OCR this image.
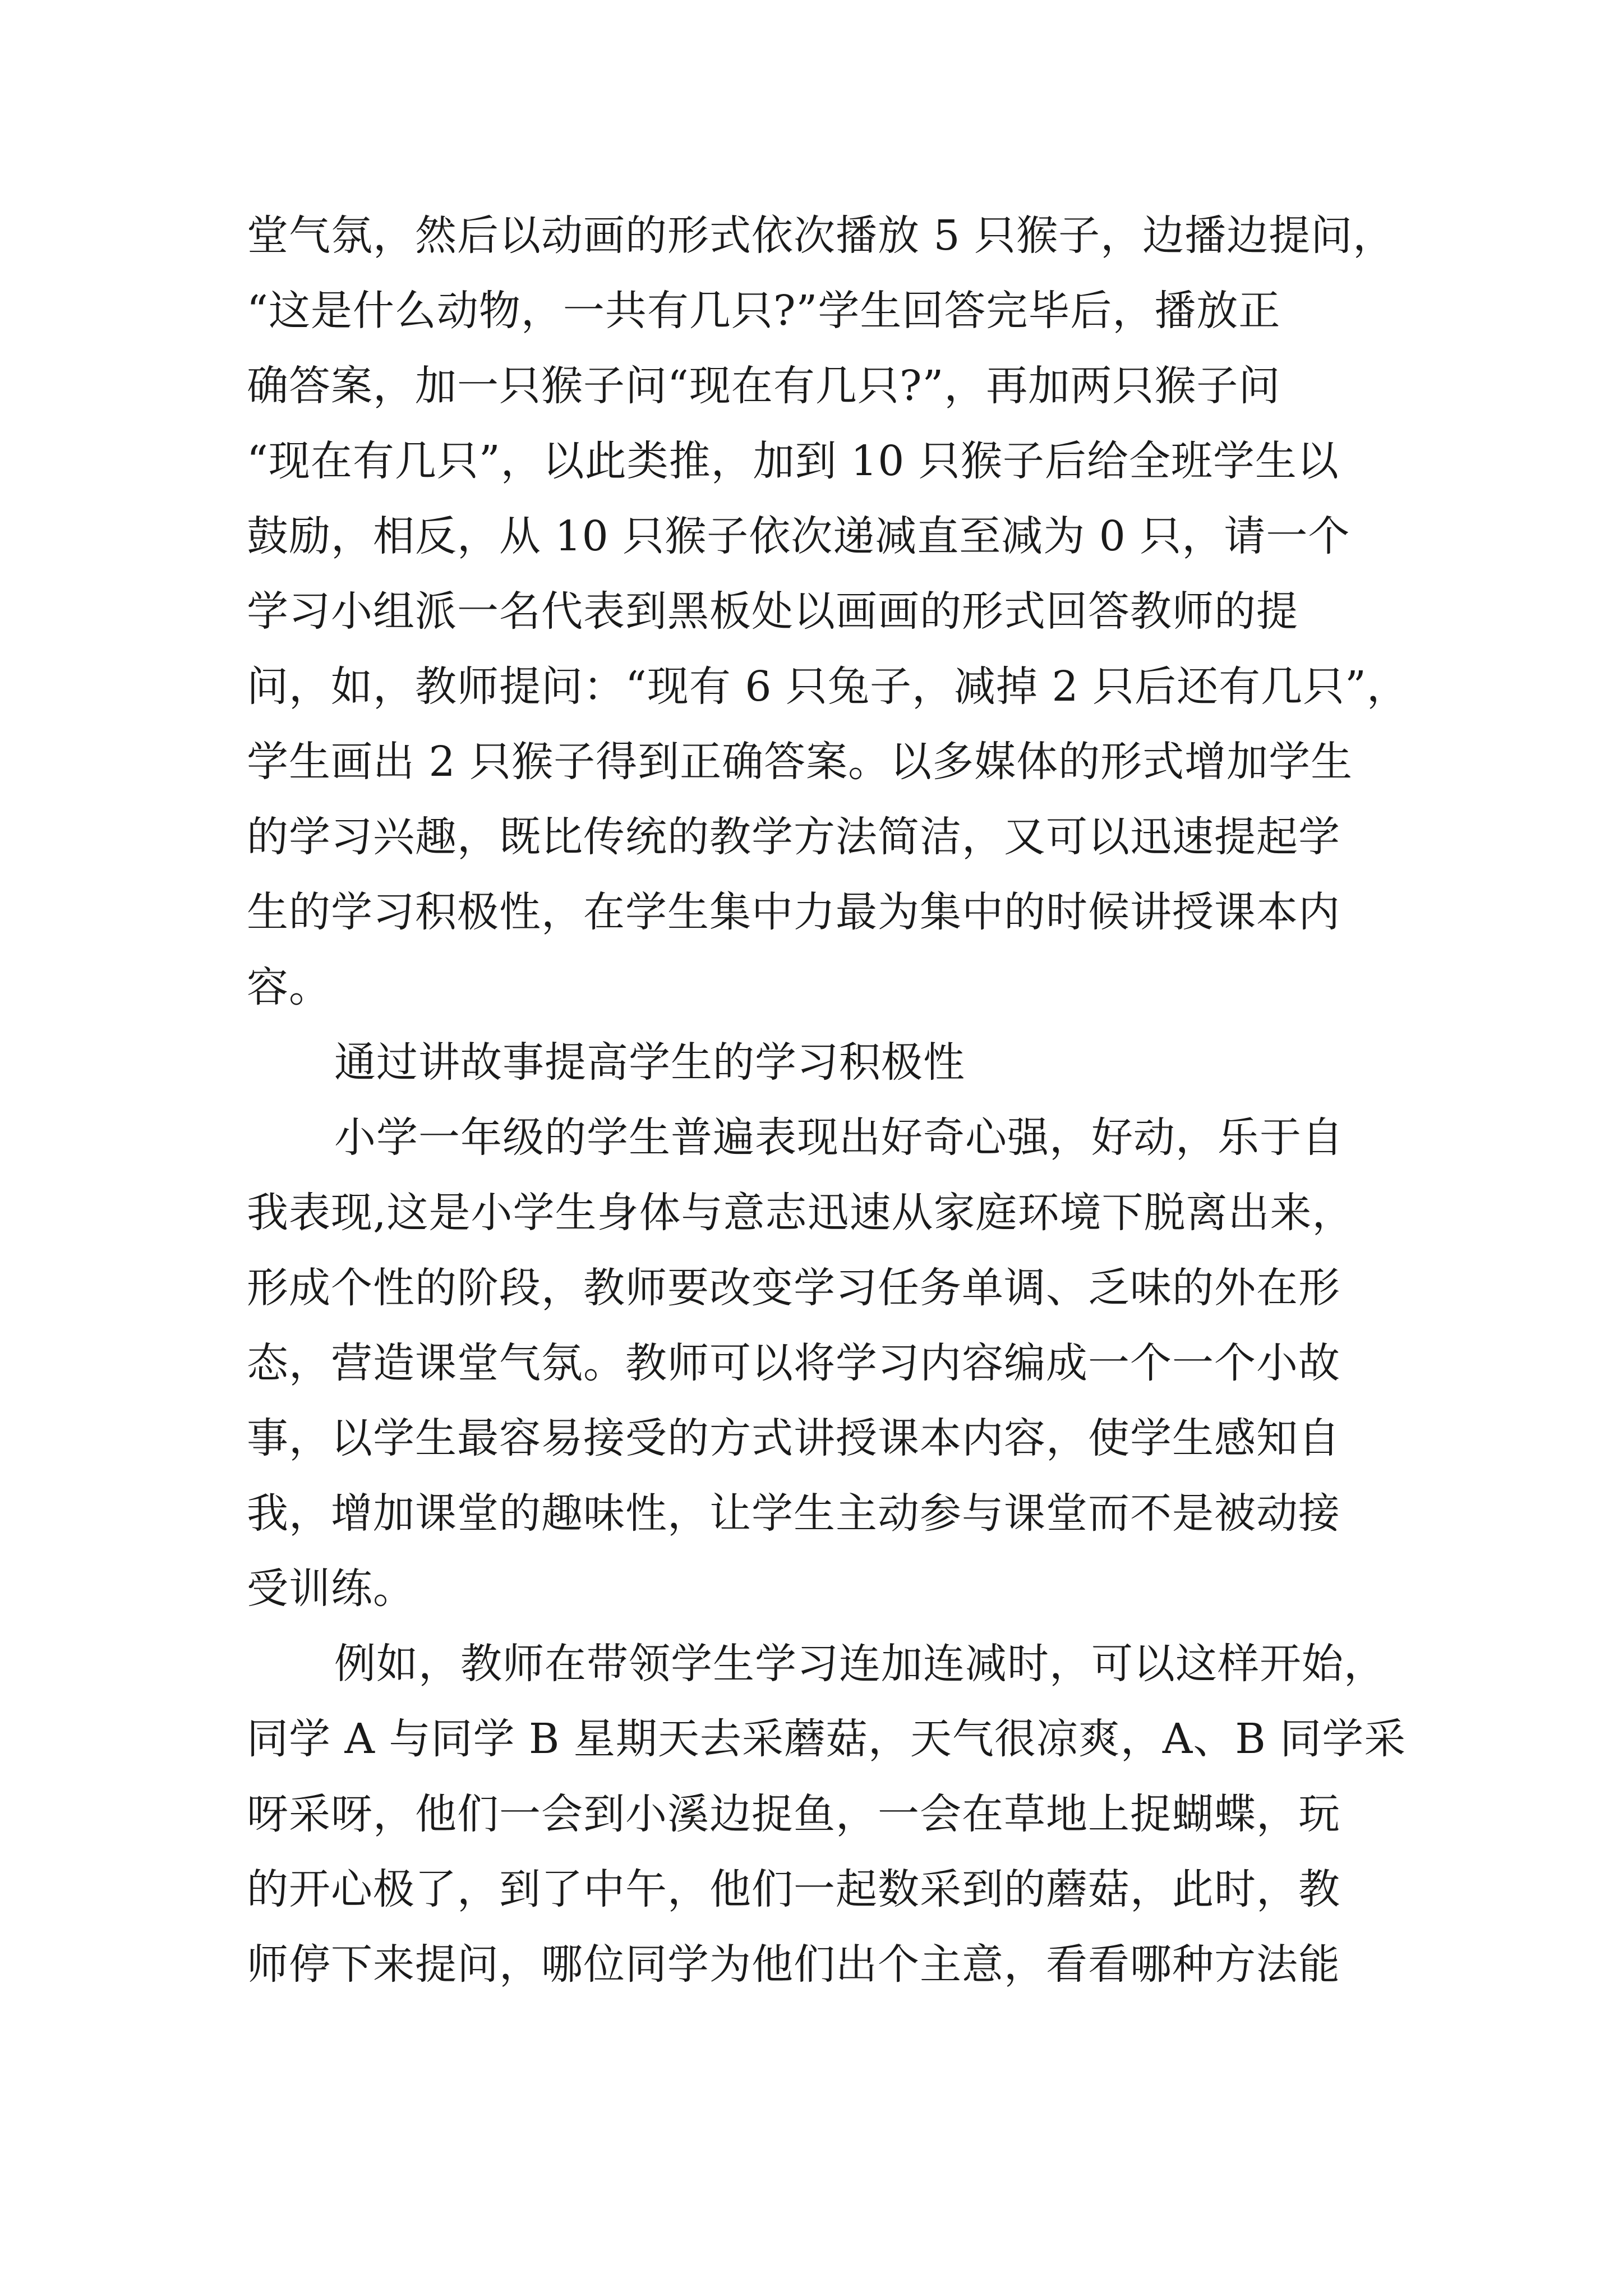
堂气氛，然后以动画的形式依次播放 5 只猴子，边播边提问，
“这是什么动物，一共有几只?”学生回答完毕后，播放正
确答案，加一只猴子问“现在有几只?”，再加两只猴子问
“现在有几只”，以此类推，加到 10 只猴子后给全班学生以
鼓励，相反，从 10 只猴子依次递减直至减为 0 只，请一个
学习小组派一名代表到黑板处以画画的形式回答教师的提
问，如，教师提问：“现有 6 只兔子，减掉 2 只后还有几只”，
学生画出 2 只猴子得到正确答案。以多媒体的形式增加学生
的学习兴趣，既比传统的教学方法简洁，又可以迅速提起学
生的学习积极性，在学生集中力最为集中的时候讲授课本内
容。
通过讲故事提高学生的学习积极性
小学一年级的学生普遍表现出好奇心强，好动，乐于自
我表现,这是小学生身体与意志迅速从家庭环境下脱离出来，
形成个性的阶段，教师要改变学习任务单调、乏味的外在形
态，营造课堂气氛。教师可以将学习内容编成一个一个小故
事，以学生最容易接受的方式讲授课本内容，使学生感知自
我，增加课堂的趣味性，让学生主动参与课堂而不是被动接
受训练。
例如，教师在带领学生学习连加连减时，可以这样开始，
同学 A 与同学 B 星期天去采蘑菇，天气很凉爽，A、B 同学采
呀采呀，他们一会到小溪边捉鱼，一会在草地上捉蝴蝶，玩
的开心极了，到了中午，他们一起数采到的蘑菇，此时，教
师停下来提问，哪位同学为他们出个主意，看看哪种方法能
